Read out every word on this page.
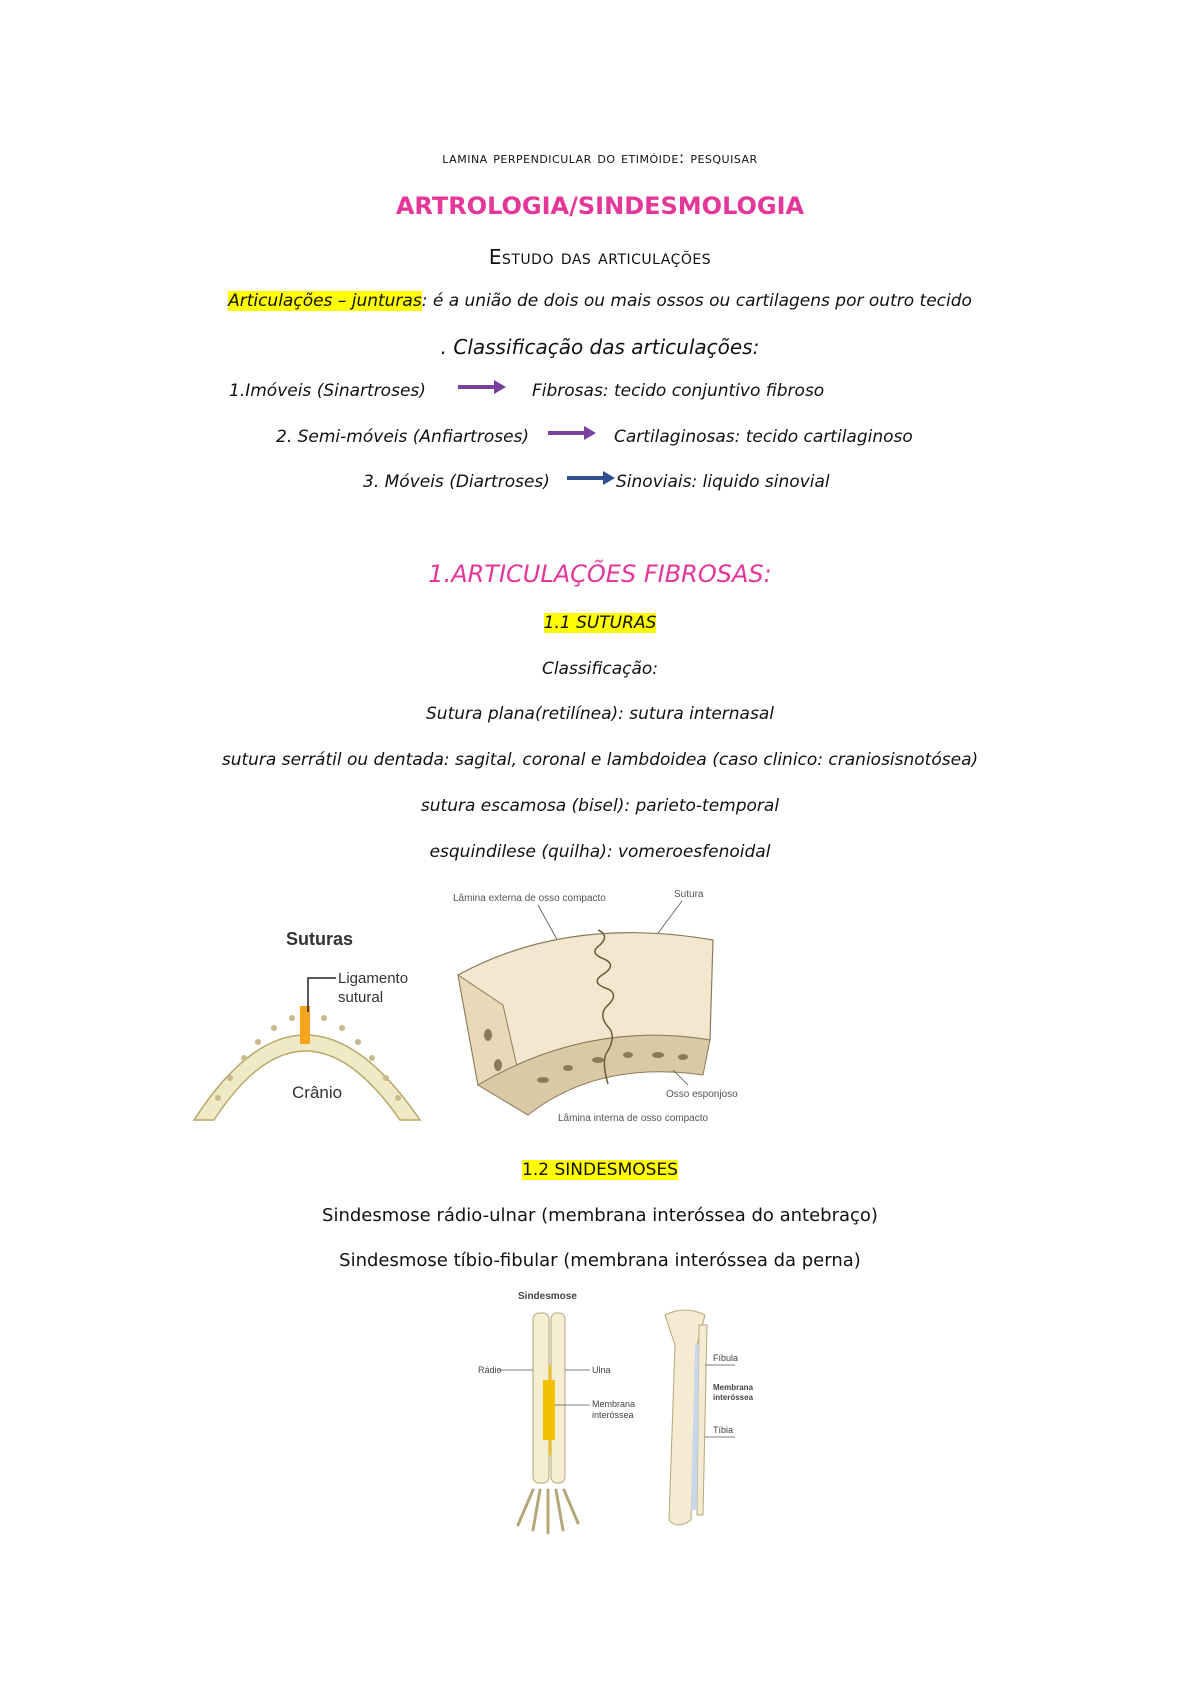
lamina perpendicular do etimóide: pesquisar
ARTROLOGIA/SINDESMOLOGIA
Estudo das articulações
Articulações – junturas: é a união de dois ou mais ossos ou cartilagens por outro tecido
. Classificação das articulações:
1.Imóveis (Sinartroses)	Fibrosas: tecido conjuntivo fibroso
2. Semi-móveis (Anfiartroses)	Cartilaginosas: tecido cartilaginoso
3. Móveis (Diartroses)	Sinoviais: liquido sinovial
1.ARTICULAÇÕES FIBROSAS:
1.1 SUTURAS
Classificação:
Sutura plana(retilínea): sutura internasal
sutura serrátil ou dentada: sagital, coronal e lambdoidea (caso clinico: craniosisnotósea)
sutura escamosa (bisel): parieto-temporal
esquindilese (quilha): vomeroesfenoidal
Suturas
Ligamento
sutural
Crânio
Lâmina externa de osso compacto	Sutura
Osso esponjoso
Lâmina interna de osso compacto
1.2 SINDESMOSES
Sindesmose rádio-ulnar (membrana interóssea do antebraço)
Sindesmose tíbio-fibular (membrana interóssea da perna)
Sindesmose
Rádio	Ulna
Membrana
interóssea
Fíbula
Membrana
interóssea
Tíbia
